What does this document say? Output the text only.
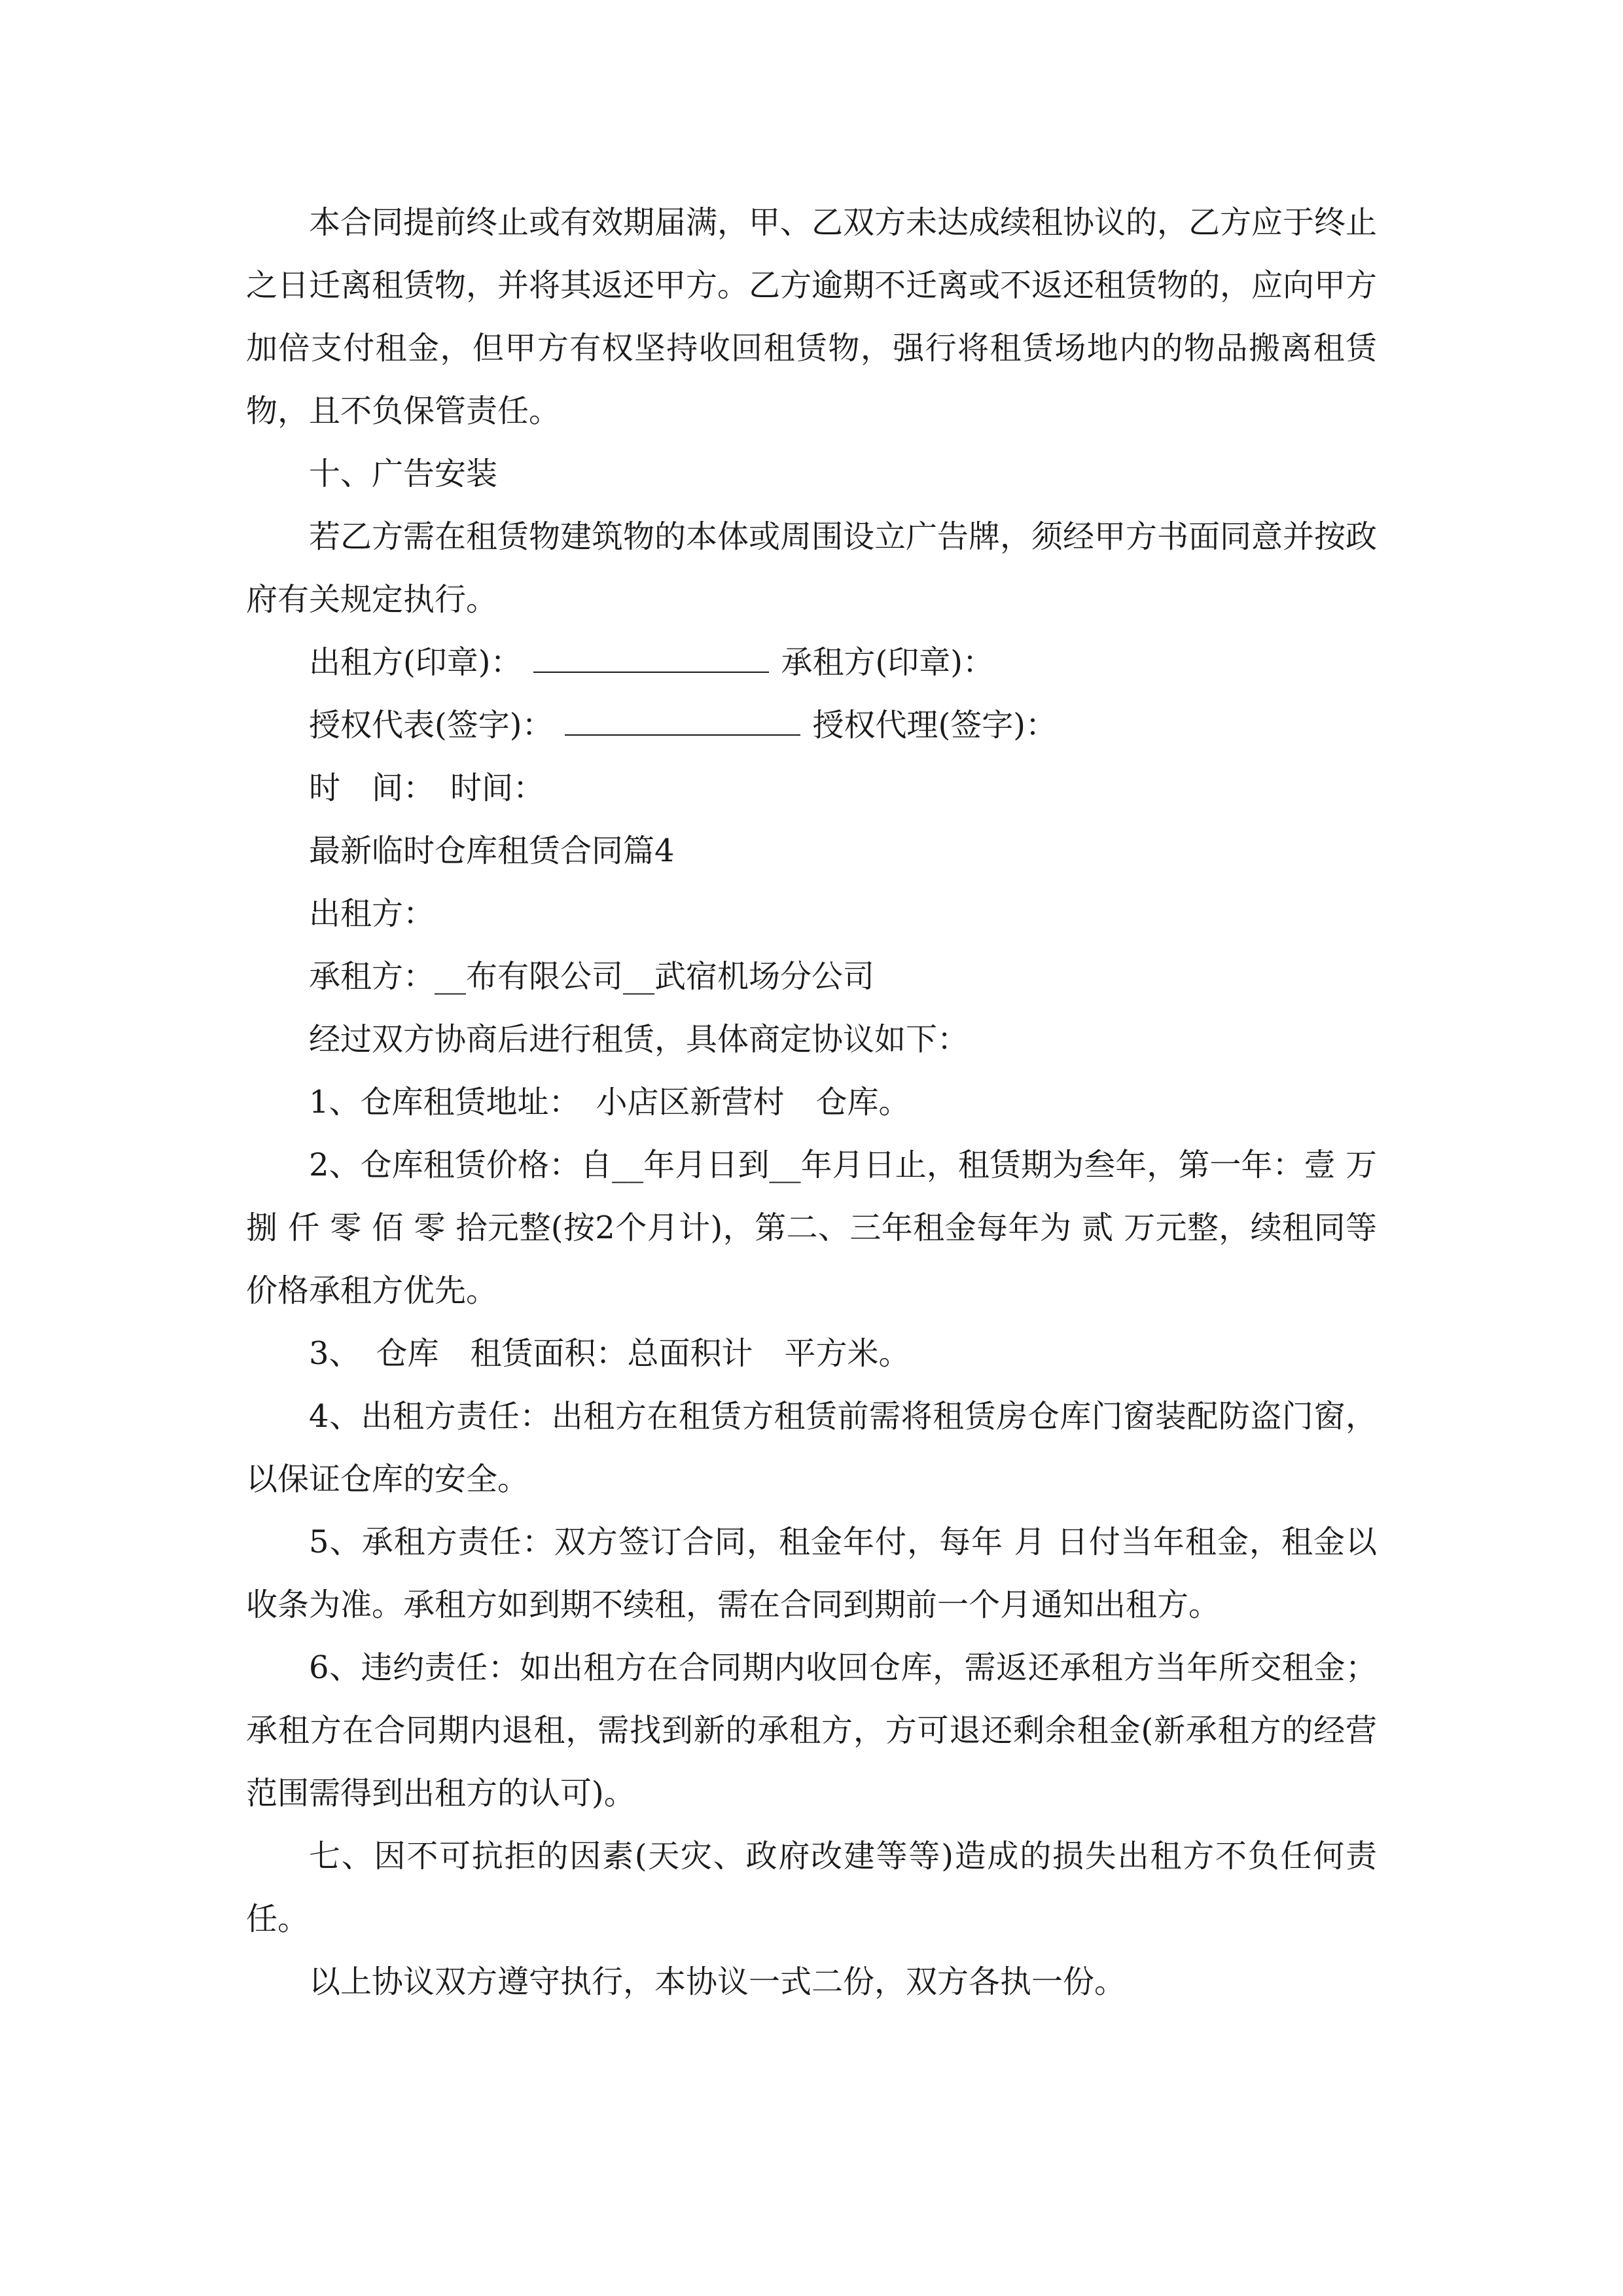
本合同提前终止或有效期届满，甲、乙双方未达成续租协议的，乙方应于终止之日迁离租赁物，并将其返还甲方。乙方逾期不迁离或不返还租赁物的，应向甲方加倍支付租金，但甲方有权坚持收回租赁物，强行将租赁场地内的物品搬离租赁物，且不负保管责任。

十、广告安装

若乙方需在租赁物建筑物的本体或周围设立广告牌，须经甲方书面同意并按政府有关规定执行。

出租方(印章)：	承租方(印章)：

授权代表(签字)：	授权代理(签字)：

时　间：　时间：

最新临时仓库租赁合同篇4

出租方：

承租方：__布有限公司__武宿机场分公司

经过双方协商后进行租赁，具体商定协议如下：

1、仓库租赁地址：　小店区新营村　仓库。

2、仓库租赁价格：自__年月日到__年月日止，租赁期为叁年，第一年：壹 万 捌 仟 零 佰 零 拾元整(按2个月计)，第二、三年租金每年为 贰 万元整，续租同等价格承租方优先。

3、　仓库　租赁面积：总面积计　平方米。

4、出租方责任：出租方在租赁方租赁前需将租赁房仓库门窗装配防盗门窗，以保证仓库的安全。

5、承租方责任：双方签订合同，租金年付，每年 月 日付当年租金，租金以收条为准。承租方如到期不续租，需在合同到期前一个月通知出租方。

6、违约责任：如出租方在合同期内收回仓库，需返还承租方当年所交租金；承租方在合同期内退租，需找到新的承租方，方可退还剩余租金(新承租方的经营范围需得到出租方的认可)。

七、因不可抗拒的因素(天灾、政府改建等等)造成的损失出租方不负任何责任。

以上协议双方遵守执行，本协议一式二份，双方各执一份。
